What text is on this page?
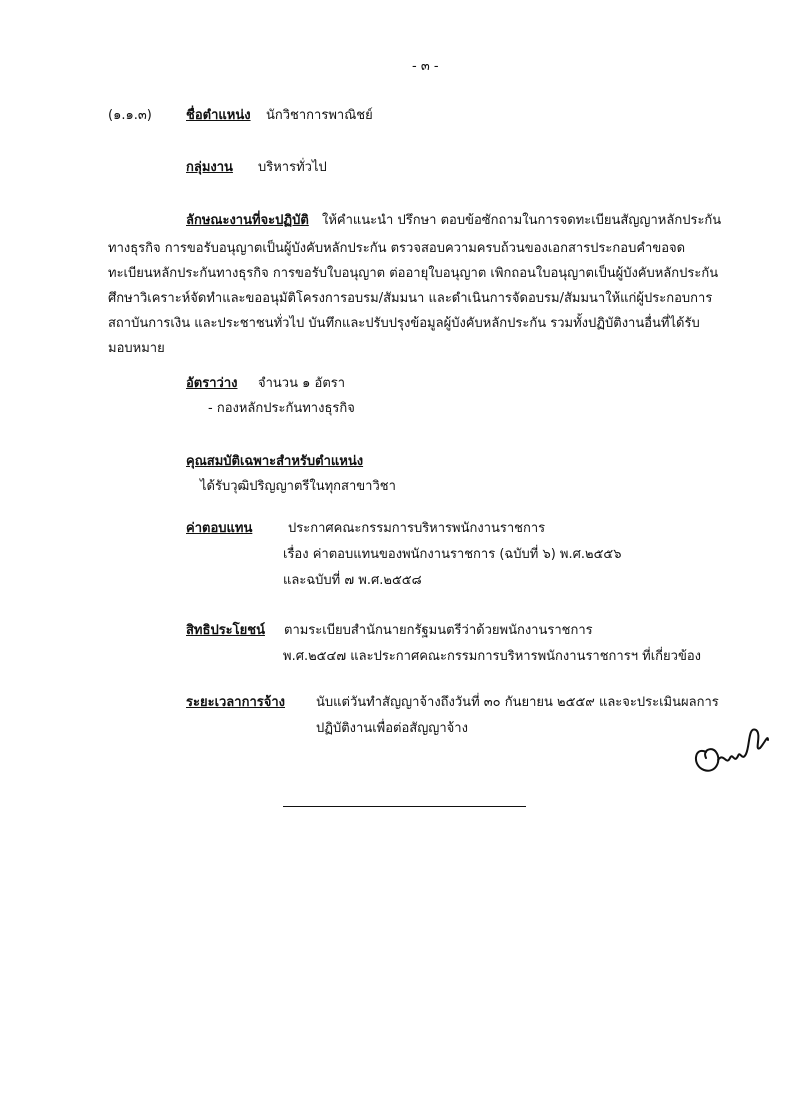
- ๓ -
(๑.๑.๓)	ชื่อตำแหน่ง นักวิชาการพาณิชย์
กลุ่มงาน บริหารทั่วไป
ลักษณะงานที่จะปฏิบัติ ให้คำแนะนำ ปรึกษา ตอบข้อซักถามในการจดทะเบียนสัญญาหลักประกัน
ทางธุรกิจ การขอรับอนุญาตเป็นผู้บังคับหลักประกัน ตรวจสอบความครบถ้วนของเอกสารประกอบคำขอจด
ทะเบียนหลักประกันทางธุรกิจ การขอรับใบอนุญาต ต่ออายุใบอนุญาต เพิกถอนใบอนุญาตเป็นผู้บังคับหลักประกัน
ศึกษาวิเคราะห์จัดทำและขออนุมัติโครงการอบรม/สัมมนา และดำเนินการจัดอบรม/สัมมนาให้แก่ผู้ประกอบการ
สถาบันการเงิน และประชาชนทั่วไป บันทึกและปรับปรุงข้อมูลผู้บังคับหลักประกัน รวมทั้งปฏิบัติงานอื่นที่ได้รับ
มอบหมาย
อัตราว่าง จำนวน ๑ อัตรา
- กองหลักประกันทางธุรกิจ
คุณสมบัติเฉพาะสำหรับตำแหน่ง
ได้รับวุฒิปริญญาตรีในทุกสาขาวิชา
ค่าตอบแทน	ประกาศคณะกรรมการบริหารพนักงานราชการ
เรื่อง ค่าตอบแทนของพนักงานราชการ (ฉบับที่ ๖) พ.ศ.๒๕๕๖
และฉบับที่ ๗ พ.ศ.๒๕๕๘
สิทธิประโยชน์ ตามระเบียบสำนักนายกรัฐมนตรีว่าด้วยพนักงานราชการ
พ.ศ.๒๕๔๗ และประกาศคณะกรรมการบริหารพนักงานราชการฯ ที่เกี่ยวข้อง
ระยะเวลาการจ้าง นับแต่วันทำสัญญาจ้างถึงวันที่ ๓๐ กันยายน ๒๕๕๙ และจะประเมินผลการ
ปฏิบัติงานเพื่อต่อสัญญาจ้าง
